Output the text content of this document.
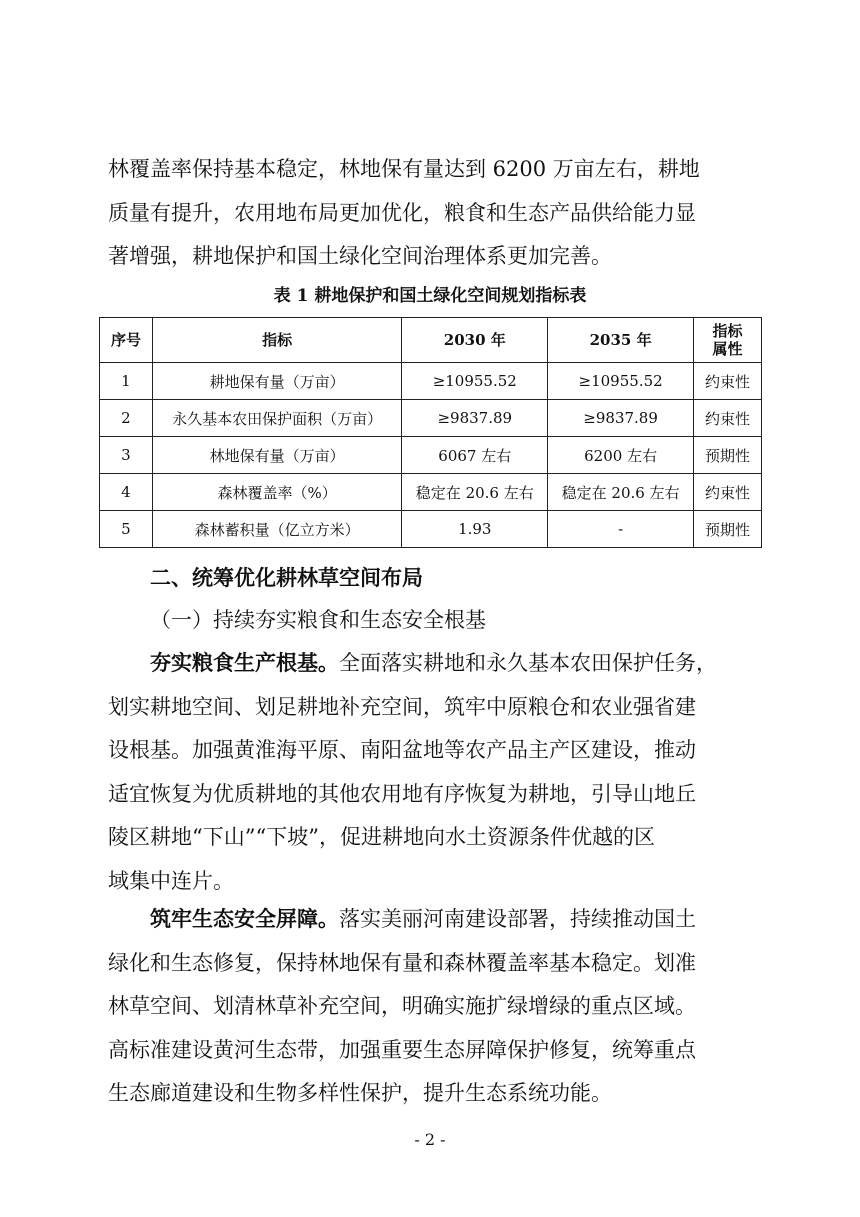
林覆盖率保持基本稳定，林地保有量达到 6200 万亩左右，耕地
质量有提升，农用地布局更加优化，粮食和生态产品供给能力显
著增强，耕地保护和国土绿化空间治理体系更加完善。
表 1 耕地保护和国土绿化空间规划指标表
序号	指标	2030 年	2035 年	指标属性
1	耕地保有量（万亩）	≥10955.52	≥10955.52	约束性
2	永久基本农田保护面积（万亩）	≥9837.89	≥9837.89	约束性
3	林地保有量（万亩）	6067 左右	6200 左右	预期性
4	森林覆盖率（%）	稳定在 20.6 左右	稳定在 20.6 左右	约束性
5	森林蓄积量（亿立方米）	1.93	-	预期性

二、统筹优化耕林草空间布局

（一）持续夯实粮食和生态安全根基

夯实粮食生产根基。全面落实耕地和永久基本农田保护任务，
划实耕地空间、划足耕地补充空间，筑牢中原粮仓和农业强省建
设根基。加强黄淮海平原、南阳盆地等农产品主产区建设，推动
适宜恢复为优质耕地的其他农用地有序恢复为耕地，引导山地丘
陵区耕地“下山”“下坡”，促进耕地向水土资源条件优越的区
域集中连片。
筑牢生态安全屏障。落实美丽河南建设部署，持续推动国土
绿化和生态修复，保持林地保有量和森林覆盖率基本稳定。划准
林草空间、划清林草补充空间，明确实施扩绿增绿的重点区域。
高标准建设黄河生态带，加强重要生态屏障保护修复，统筹重点
生态廊道建设和生物多样性保护，提升生态系统功能。
- 2 -
